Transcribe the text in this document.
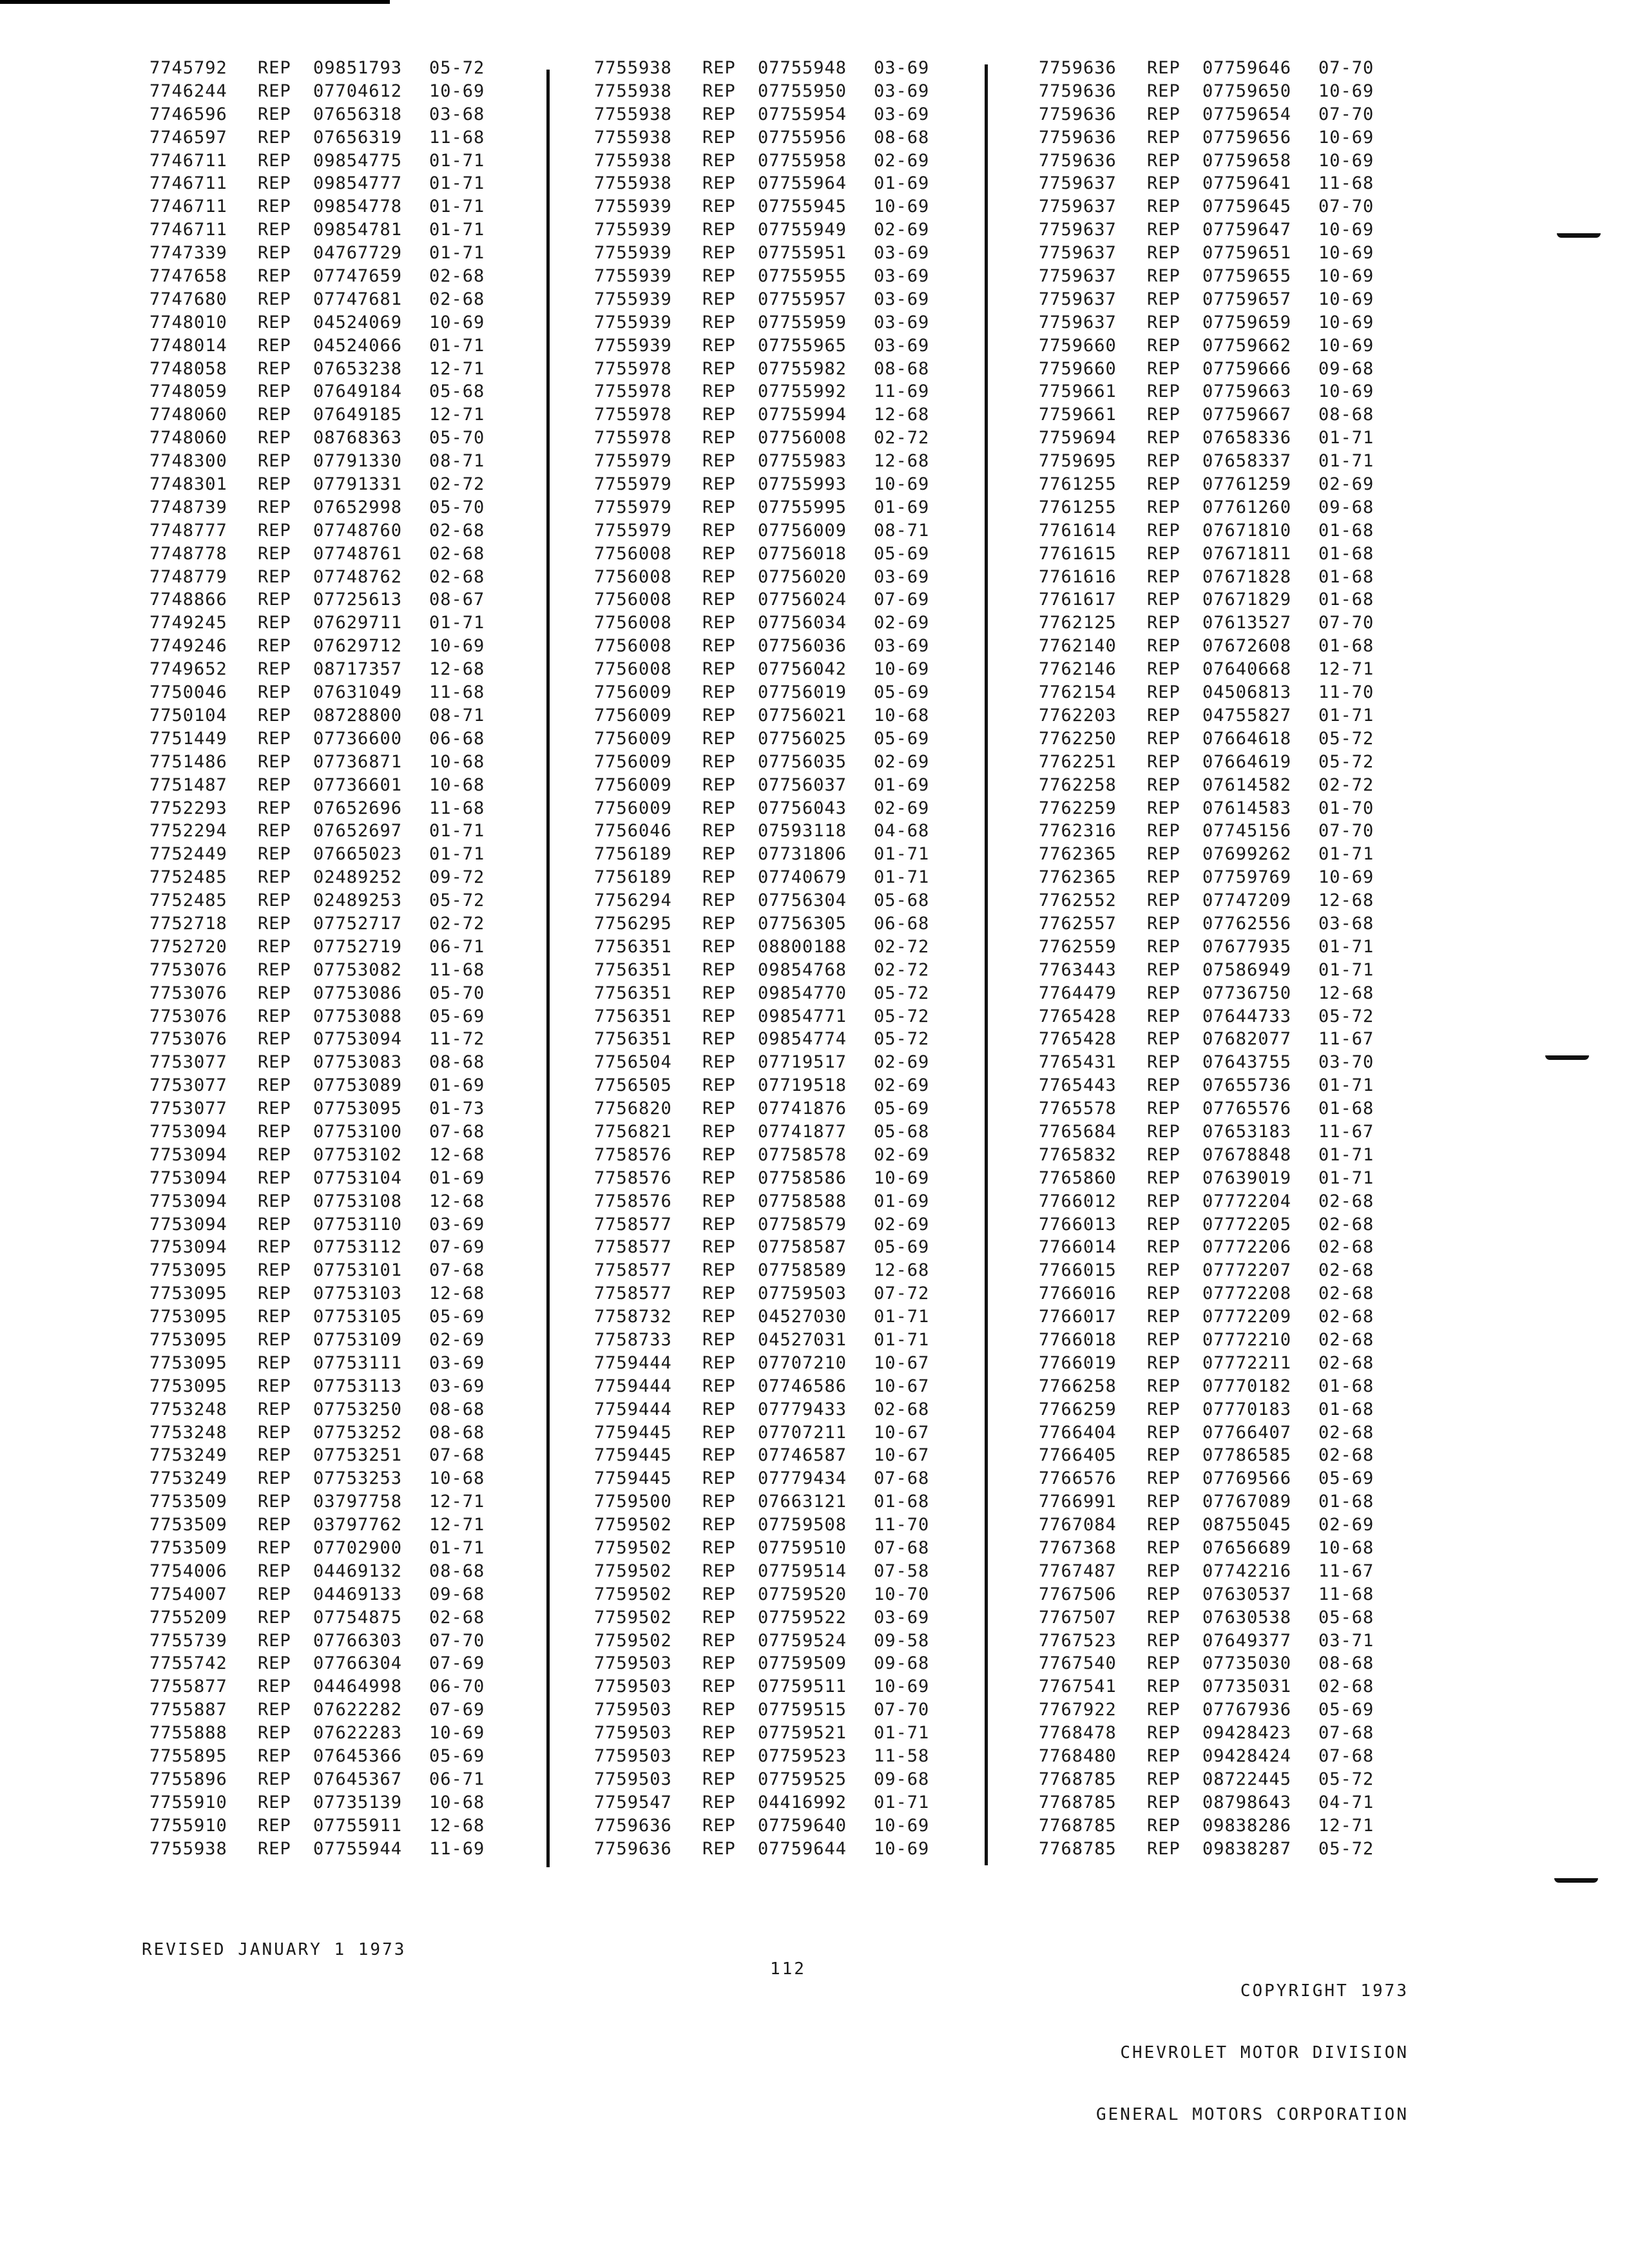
7745792 REP 09851793 05-72
7746244 REP 07704612 10-69
7746596 REP 07656318 03-68
7746597 REP 07656319 11-68
7746711 REP 09854775 01-71
7746711 REP 09854777 01-71
7746711 REP 09854778 01-71
7746711 REP 09854781 01-71
7747339 REP 04767729 01-71
7747658 REP 07747659 02-68
7747680 REP 07747681 02-68
7748010 REP 04524069 10-69
7748014 REP 04524066 01-71
7748058 REP 07653238 12-71
7748059 REP 07649184 05-68
7748060 REP 07649185 12-71
7748060 REP 08768363 05-70
7748300 REP 07791330 08-71
7748301 REP 07791331 02-72
7748739 REP 07652998 05-70
7748777 REP 07748760 02-68
7748778 REP 07748761 02-68
7748779 REP 07748762 02-68
7748866 REP 07725613 08-67
7749245 REP 07629711 01-71
7749246 REP 07629712 10-69
7749652 REP 08717357 12-68
7750046 REP 07631049 11-68
7750104 REP 08728800 08-71
7751449 REP 07736600 06-68
7751486 REP 07736871 10-68
7751487 REP 07736601 10-68
7752293 REP 07652696 11-68
7752294 REP 07652697 01-71
7752449 REP 07665023 01-71
7752485 REP 02489252 09-72
7752485 REP 02489253 05-72
7752718 REP 07752717 02-72
7752720 REP 07752719 06-71
7753076 REP 07753082 11-68
7753076 REP 07753086 05-70
7753076 REP 07753088 05-69
7753076 REP 07753094 11-72
7753077 REP 07753083 08-68
7753077 REP 07753089 01-69
7753077 REP 07753095 01-73
7753094 REP 07753100 07-68
7753094 REP 07753102 12-68
7753094 REP 07753104 01-69
7753094 REP 07753108 12-68
7753094 REP 07753110 03-69
7753094 REP 07753112 07-69
7753095 REP 07753101 07-68
7753095 REP 07753103 12-68
7753095 REP 07753105 05-69
7753095 REP 07753109 02-69
7753095 REP 07753111 03-69
7753095 REP 07753113 03-69
7753248 REP 07753250 08-68
7753248 REP 07753252 08-68
7753249 REP 07753251 07-68
7753249 REP 07753253 10-68
7753509 REP 03797758 12-71
7753509 REP 03797762 12-71
7753509 REP 07702900 01-71
7754006 REP 04469132 08-68
7754007 REP 04469133 09-68
7755209 REP 07754875 02-68
7755739 REP 07766303 07-70
7755742 REP 07766304 07-69
7755877 REP 04464998 06-70
7755887 REP 07622282 07-69
7755888 REP 07622283 10-69
7755895 REP 07645366 05-69
7755896 REP 07645367 06-71
7755910 REP 07735139 10-68
7755910 REP 07755911 12-68
7755938 REP 07755944 11-69
7755938 REP 07755948 03-69
7755938 REP 07755950 03-69
7755938 REP 07755954 03-69
7755938 REP 07755956 08-68
7755938 REP 07755958 02-69
7755938 REP 07755964 01-69
7755939 REP 07755945 10-69
7755939 REP 07755949 02-69
7755939 REP 07755951 03-69
7755939 REP 07755955 03-69
7755939 REP 07755957 03-69
7755939 REP 07755959 03-69
7755939 REP 07755965 03-69
7755978 REP 07755982 08-68
7755978 REP 07755992 11-69
7755978 REP 07755994 12-68
7755978 REP 07756008 02-72
7755979 REP 07755983 12-68
7755979 REP 07755993 10-69
7755979 REP 07755995 01-69
7755979 REP 07756009 08-71
7756008 REP 07756018 05-69
7756008 REP 07756020 03-69
7756008 REP 07756024 07-69
7756008 REP 07756034 02-69
7756008 REP 07756036 03-69
7756008 REP 07756042 10-69
7756009 REP 07756019 05-69
7756009 REP 07756021 10-68
7756009 REP 07756025 05-69
7756009 REP 07756035 02-69
7756009 REP 07756037 01-69
7756009 REP 07756043 02-69
7756046 REP 07593118 04-68
7756189 REP 07731806 01-71
7756189 REP 07740679 01-71
7756294 REP 07756304 05-68
7756295 REP 07756305 06-68
7756351 REP 08800188 02-72
7756351 REP 09854768 02-72
7756351 REP 09854770 05-72
7756351 REP 09854771 05-72
7756351 REP 09854774 05-72
7756504 REP 07719517 02-69
7756505 REP 07719518 02-69
7756820 REP 07741876 05-69
7756821 REP 07741877 05-68
7758576 REP 07758578 02-69
7758576 REP 07758586 10-69
7758576 REP 07758588 01-69
7758577 REP 07758579 02-69
7758577 REP 07758587 05-69
7758577 REP 07758589 12-68
7758577 REP 07759503 07-72
7758732 REP 04527030 01-71
7758733 REP 04527031 01-71
7759444 REP 07707210 10-67
7759444 REP 07746586 10-67
7759444 REP 07779433 02-68
7759445 REP 07707211 10-67
7759445 REP 07746587 10-67
7759445 REP 07779434 07-68
7759500 REP 07663121 01-68
7759502 REP 07759508 11-70
7759502 REP 07759510 07-68
7759502 REP 07759514 07-58
7759502 REP 07759520 10-70
7759502 REP 07759522 03-69
7759502 REP 07759524 09-58
7759503 REP 07759509 09-68
7759503 REP 07759511 10-69
7759503 REP 07759515 07-70
7759503 REP 07759521 01-71
7759503 REP 07759523 11-58
7759503 REP 07759525 09-68
7759547 REP 04416992 01-71
7759636 REP 07759640 10-69
7759636 REP 07759644 10-69
7759636 REP 07759646 07-70
7759636 REP 07759650 10-69
7759636 REP 07759654 07-70
7759636 REP 07759656 10-69
7759636 REP 07759658 10-69
7759637 REP 07759641 11-68
7759637 REP 07759645 07-70
7759637 REP 07759647 10-69
7759637 REP 07759651 10-69
7759637 REP 07759655 10-69
7759637 REP 07759657 10-69
7759637 REP 07759659 10-69
7759660 REP 07759662 10-69
7759660 REP 07759666 09-68
7759661 REP 07759663 10-69
7759661 REP 07759667 08-68
7759694 REP 07658336 01-71
7759695 REP 07658337 01-71
7761255 REP 07761259 02-69
7761255 REP 07761260 09-68
7761614 REP 07671810 01-68
7761615 REP 07671811 01-68
7761616 REP 07671828 01-68
7761617 REP 07671829 01-68
7762125 REP 07613527 07-70
7762140 REP 07672608 01-68
7762146 REP 07640668 12-71
7762154 REP 04506813 11-70
7762203 REP 04755827 01-71
7762250 REP 07664618 05-72
7762251 REP 07664619 05-72
7762258 REP 07614582 02-72
7762259 REP 07614583 01-70
7762316 REP 07745156 07-70
7762365 REP 07699262 01-71
7762365 REP 07759769 10-69
7762552 REP 07747209 12-68
7762557 REP 07762556 03-68
7762559 REP 07677935 01-71
7763443 REP 07586949 01-71
7764479 REP 07736750 12-68
7765428 REP 07644733 05-72
7765428 REP 07682077 11-67
7765431 REP 07643755 03-70
7765443 REP 07655736 01-71
7765578 REP 07765576 01-68
7765684 REP 07653183 11-67
7765832 REP 07678848 01-71
7765860 REP 07639019 01-71
7766012 REP 07772204 02-68
7766013 REP 07772205 02-68
7766014 REP 07772206 02-68
7766015 REP 07772207 02-68
7766016 REP 07772208 02-68
7766017 REP 07772209 02-68
7766018 REP 07772210 02-68
7766019 REP 07772211 02-68
7766258 REP 07770182 01-68
7766259 REP 07770183 01-68
7766404 REP 07766407 02-68
7766405 REP 07786585 02-68
7766576 REP 07769566 05-69
7766991 REP 07767089 01-68
7767084 REP 08755045 02-69
7767368 REP 07656689 10-68
7767487 REP 07742216 11-67
7767506 REP 07630537 11-68
7767507 REP 07630538 05-68
7767523 REP 07649377 03-71
7767540 REP 07735030 08-68
7767541 REP 07735031 02-68
7767922 REP 07767936 05-69
7768478 REP 09428423 07-68
7768480 REP 09428424 07-68
7768785 REP 08722445 05-72
7768785 REP 08798643 04-71
7768785 REP 09838286 12-71
7768785 REP 09838287 05-72
REVISED JANUARY 1 1973
112

COPYRIGHT 1973

CHEVROLET MOTOR DIVISION

GENERAL MOTORS CORPORATION
